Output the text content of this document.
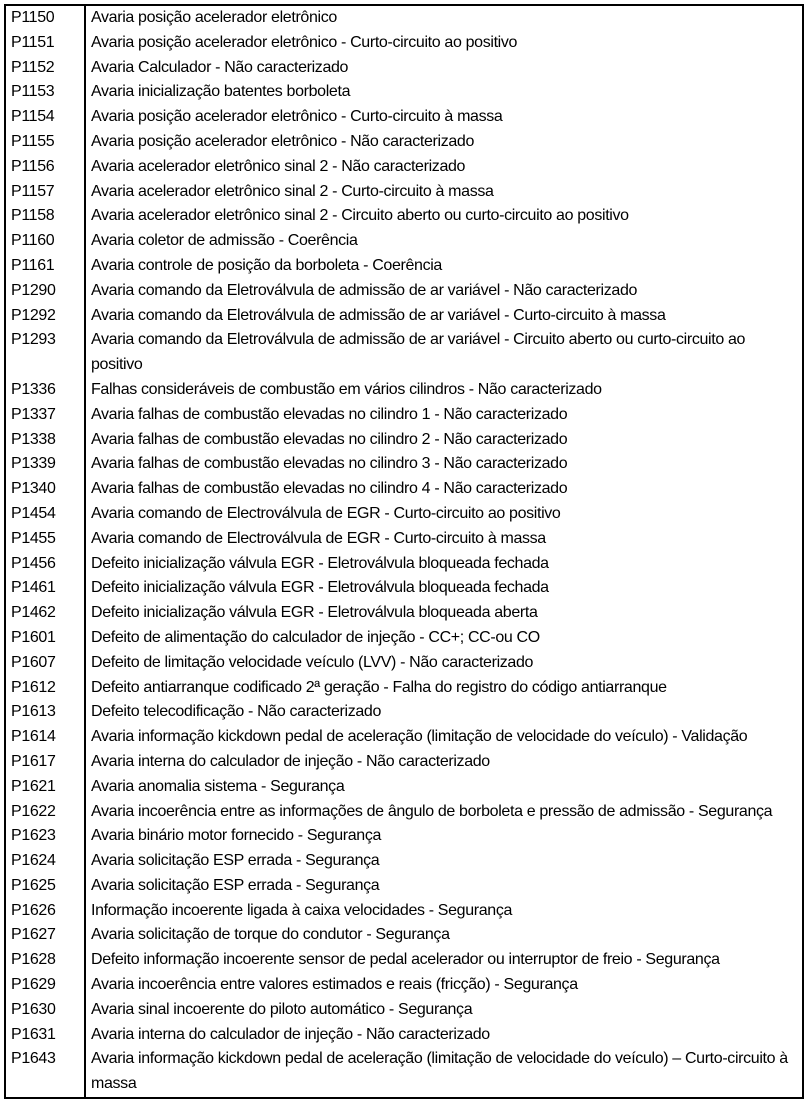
P1150	Avaria posição acelerador eletrônico
P1151	Avaria posição acelerador eletrônico - Curto-circuito ao positivo
P1152	Avaria Calculador - Não caracterizado
P1153	Avaria inicialização batentes borboleta
P1154	Avaria posição acelerador eletrônico - Curto-circuito à massa
P1155	Avaria posição acelerador eletrônico - Não caracterizado
P1156	Avaria acelerador eletrônico sinal 2 - Não caracterizado
P1157	Avaria acelerador eletrônico sinal 2 - Curto-circuito à massa
P1158	Avaria acelerador eletrônico sinal 2 - Circuito aberto ou curto-circuito ao positivo
P1160	Avaria coletor de admissão - Coerência
P1161	Avaria controle de posição da borboleta - Coerência
P1290	Avaria comando da Eletroválvula de admissão de ar variável - Não caracterizado
P1292	Avaria comando da Eletroválvula de admissão de ar variável - Curto-circuito à massa
P1293	Avaria comando da Eletroválvula de admissão de ar variável - Circuito aberto ou curto-circuito ao positivo
P1336	Falhas consideráveis de combustão em vários cilindros - Não caracterizado
P1337	Avaria falhas de combustão elevadas no cilindro 1 - Não caracterizado
P1338	Avaria falhas de combustão elevadas no cilindro 2 - Não caracterizado
P1339	Avaria falhas de combustão elevadas no cilindro 3 - Não caracterizado
P1340	Avaria falhas de combustão elevadas no cilindro 4 - Não caracterizado
P1454	Avaria comando de Electroválvula de EGR - Curto-circuito ao positivo
P1455	Avaria comando de Electroválvula de EGR - Curto-circuito à massa
P1456	Defeito inicialização válvula EGR - Eletroválvula bloqueada fechada
P1461	Defeito inicialização válvula EGR - Eletroválvula bloqueada fechada
P1462	Defeito inicialização válvula EGR - Eletroválvula bloqueada aberta
P1601	Defeito de alimentação do calculador de injeção - CC+; CC-ou CO
P1607	Defeito de limitação velocidade veículo (LVV) - Não caracterizado
P1612	Defeito antiarranque codificado 2ª geração - Falha do registro do código antiarranque
P1613	Defeito telecodificação - Não caracterizado
P1614	Avaria informação kickdown pedal de aceleração (limitação de velocidade do veículo) - Validação
P1617	Avaria interna do calculador de injeção - Não caracterizado
P1621	Avaria anomalia sistema - Segurança
P1622	Avaria incoerência entre as informações de ângulo de borboleta e pressão de admissão - Segurança
P1623	Avaria binário motor fornecido - Segurança
P1624	Avaria solicitação ESP errada - Segurança
P1625	Avaria solicitação ESP errada - Segurança
P1626	Informação incoerente ligada à caixa velocidades - Segurança
P1627	Avaria solicitação de torque do condutor - Segurança
P1628	Defeito informação incoerente sensor de pedal acelerador ou interruptor de freio - Segurança
P1629	Avaria incoerência entre valores estimados e reais (fricção) - Segurança
P1630	Avaria sinal incoerente do piloto automático - Segurança
P1631	Avaria interna do calculador de injeção - Não caracterizado
P1643	Avaria informação kickdown pedal de aceleração (limitação de velocidade do veículo) – Curto-circuito à massa
